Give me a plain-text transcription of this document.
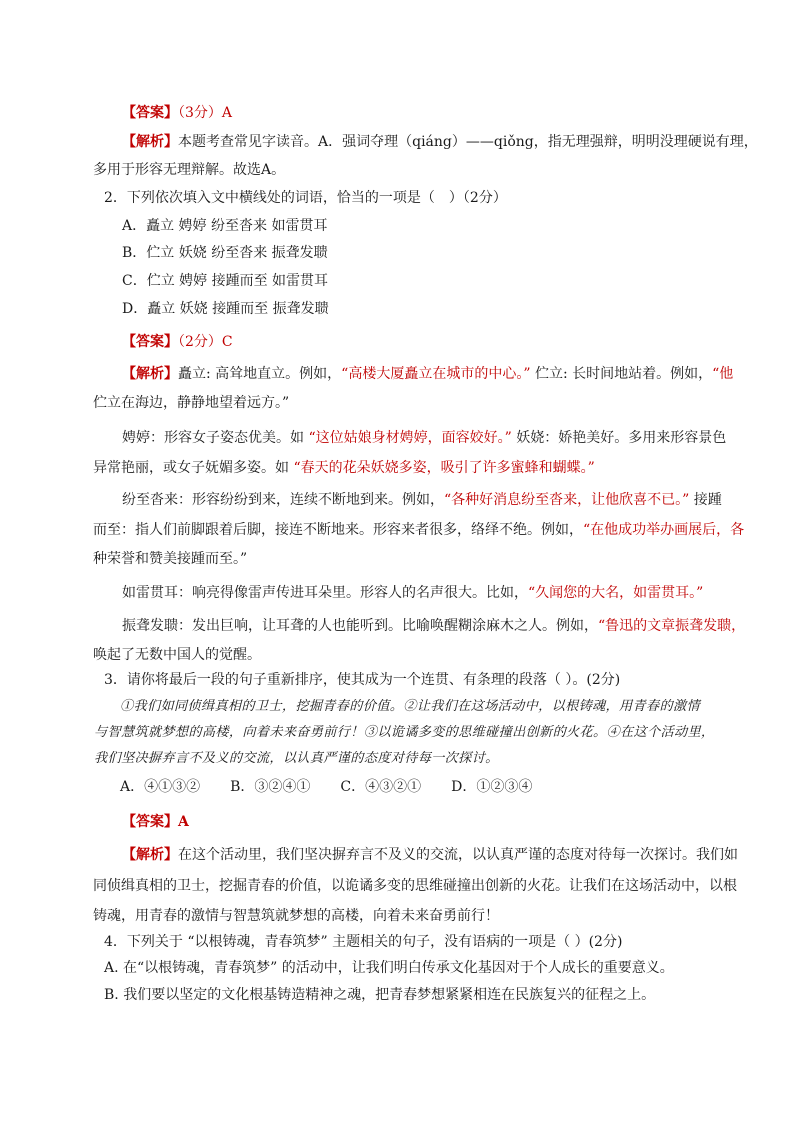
【答案】（3分）A
【解析】本题考查常见字读音。A．强词夺理（qiáng）——qiǒng，指无理强辩，明明没理硬说有理，
多用于形容无理辩解。故选A。
2．下列依次填入文中横线处的词语，恰当的一项是（　）（2分）
A．矗立 娉婷 纷至沓来 如雷贯耳
B．伫立 妖娆 纷至沓来 振聋发聩
C．伫立 娉婷 接踵而至 如雷贯耳
D．矗立 妖娆 接踵而至 振聋发聩
【答案】（2分）C
【解析】矗立: 高耸地直立。例如，“高楼大厦矗立在城市的中心。” 伫立: 长时间地站着。例如，“他
伫立在海边，静静地望着远方。”
娉婷：形容女子姿态优美。如 “这位姑娘身材娉婷，面容姣好。” 妖娆：娇艳美好。多用来形容景色
异常艳丽，或女子妩媚多姿。如 “春天的花朵妖娆多姿，吸引了许多蜜蜂和蝴蝶。”
纷至沓来：形容纷纷到来，连续不断地到来。例如，“各种好消息纷至沓来，让他欣喜不已。” 接踵
而至：指人们前脚跟着后脚，接连不断地来。形容来者很多，络绎不绝。例如，“在他成功举办画展后，各
种荣誉和赞美接踵而至。”
如雷贯耳：响亮得像雷声传进耳朵里。形容人的名声很大。比如，“久闻您的大名，如雷贯耳。”
振聋发聩：发出巨响，让耳聋的人也能听到。比喻唤醒糊涂麻木之人。例如，“鲁迅的文章振聋发聩，
唤起了无数中国人的觉醒。
3．请你将最后一段的句子重新排序，使其成为一个连贯、有条理的段落（ ）。(2分)
①我们如同侦缉真相的卫士，挖掘青春的价值。②让我们在这场活动中，以根铸魂，用青春的激情
与智慧筑就梦想的高楼，向着未来奋勇前行！③以诡谲多变的思维碰撞出创新的火花。④在这个活动里，
我们坚决摒弃言不及义的交流，以认真严谨的态度对待每一次探讨。
A．④①③② B．③②④① C．④③②① D．①②③④
【答案】A
【解析】在这个活动里，我们坚决摒弃言不及义的交流，以认真严谨的态度对待每一次探讨。我们如
同侦缉真相的卫士，挖掘青春的价值，以诡谲多变的思维碰撞出创新的火花。让我们在这场活动中，以根
铸魂，用青春的激情与智慧筑就梦想的高楼，向着未来奋勇前行！
4．下列关于 “以根铸魂，青春筑梦” 主题相关的句子，没有语病的一项是（ ）(2分)
A. 在“以根铸魂，青春筑梦” 的活动中，让我们明白传承文化基因对于个人成长的重要意义。
B. 我们要以坚定的文化根基铸造精神之魂，把青春梦想紧紧相连在民族复兴的征程之上。
